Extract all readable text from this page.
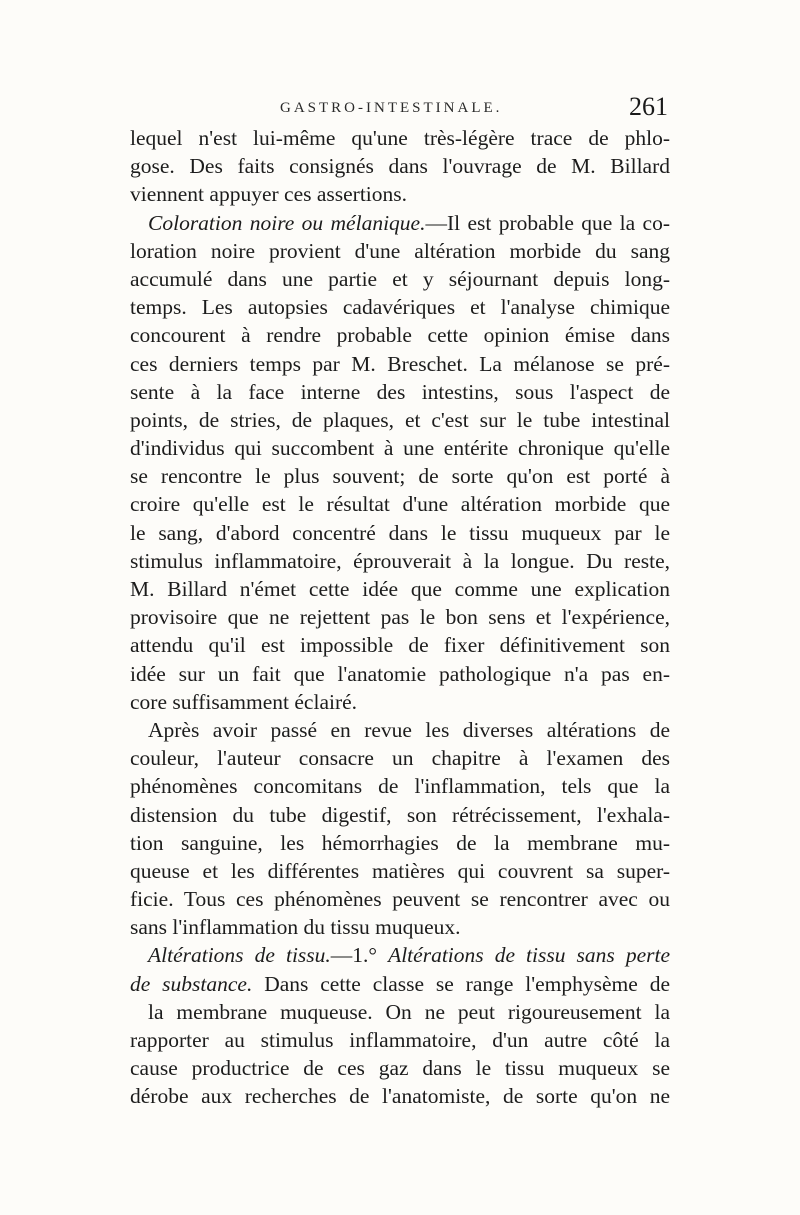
GASTRO-INTESTINALE.	261
lequel n'est lui-même qu'une très-légère trace de phlo-
gose. Des faits consignés dans l'ouvrage de M. Billard
viennent appuyer ces assertions.
Coloration noire ou mélanique.—Il est probable que la co-
loration noire provient d'une altération morbide du sang
accumulé dans une partie et y séjournant depuis long-
temps. Les autopsies cadavériques et l'analyse chimique
concourent à rendre probable cette opinion émise dans
ces derniers temps par M. Breschet. La mélanose se pré-
sente à la face interne des intestins, sous l'aspect de
points, de stries, de plaques, et c'est sur le tube intestinal
d'individus qui succombent à une entérite chronique qu'elle
se rencontre le plus souvent; de sorte qu'on est porté à
croire qu'elle est le résultat d'une altération morbide que
le sang, d'abord concentré dans le tissu muqueux par le
stimulus inflammatoire, éprouverait à la longue. Du reste,
M. Billard n'émet cette idée que comme une explication
provisoire que ne rejettent pas le bon sens et l'expérience,
attendu qu'il est impossible de fixer définitivement son
idée sur un fait que l'anatomie pathologique n'a pas en-
core suffisamment éclairé.
Après avoir passé en revue les diverses altérations de
couleur, l'auteur consacre un chapitre à l'examen des
phénomènes concomitans de l'inflammation, tels que la
distension du tube digestif, son rétrécissement, l'exhala-
tion sanguine, les hémorrhagies de la membrane mu-
queuse et les différentes matières qui couvrent sa super-
ficie. Tous ces phénomènes peuvent se rencontrer avec ou
sans l'inflammation du tissu muqueux.
Altérations de tissu.—1.° Altérations de tissu sans perte
de substance. Dans cette classe se range l'emphysème de
la membrane muqueuse. On ne peut rigoureusement la
rapporter au stimulus inflammatoire, d'un autre côté la
cause productrice de ces gaz dans le tissu muqueux se
dérobe aux recherches de l'anatomiste, de sorte qu'on ne
